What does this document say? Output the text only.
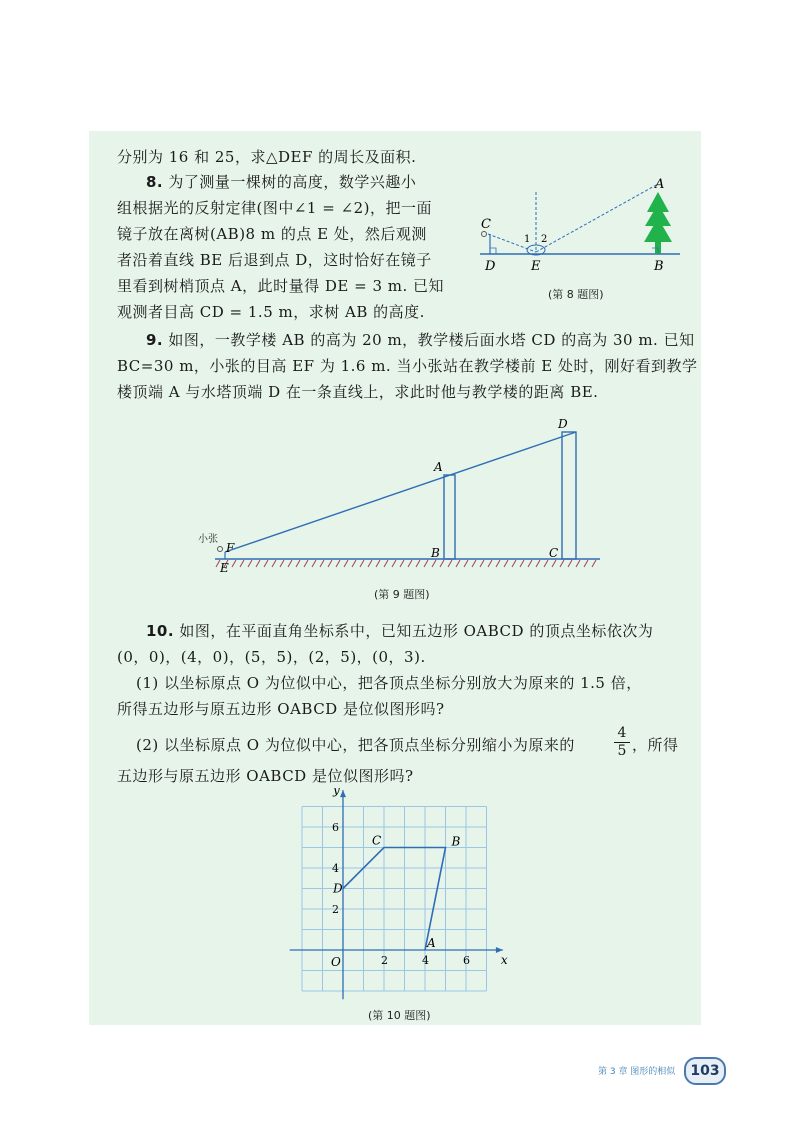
分别为 16 和 25，求△DEF 的周长及面积.
8. 为了测量一棵树的高度，数学兴趣小
组根据光的反射定律(图中∠1 = ∠2)，把一面
镜子放在离树(AB)8 m 的点 E 处，然后观测
者沿着直线 BE 后退到点 D，这时恰好在镜子
里看到树梢顶点 A，此时量得 DE = 3 m. 已知
观测者目高 CD = 1.5 m，求树 AB 的高度.
C
D	E	B
A
1 2
(第 8 题图)
9. 如图，一教学楼 AB 的高为 20 m，教学楼后面水塔 CD 的高为 30 m. 已知
BC=30 m，小张的目高 EF 为 1.6 m. 当小张站在教学楼前 E 处时，刚好看到教学
楼顶端 A 与水塔顶端 D 在一条直线上，求此时他与教学楼的距离 BE.
小张
F
E
A
B	C
D
(第 9 题图)
10. 如图，在平面直角坐标系中，已知五边形 OABCD 的顶点坐标依次为
(0，0)，(4，0)，(5，5)，(2，5)，(0，3).
(1) 以坐标原点 O 为位似中心，把各顶点坐标分别放大为原来的 1.5 倍，
所得五边形与原五边形 OABCD 是位似图形吗?
(2) 以坐标原点 O 为位似中心，把各顶点坐标分别缩小为原来的
4
5 ，所得
五边形与原五边形 OABCD 是位似图形吗?
x
y
2	4	6
2
4
6
O
A
B
C
D
(第 10 题图)
第 3 章 图形的相似	103
